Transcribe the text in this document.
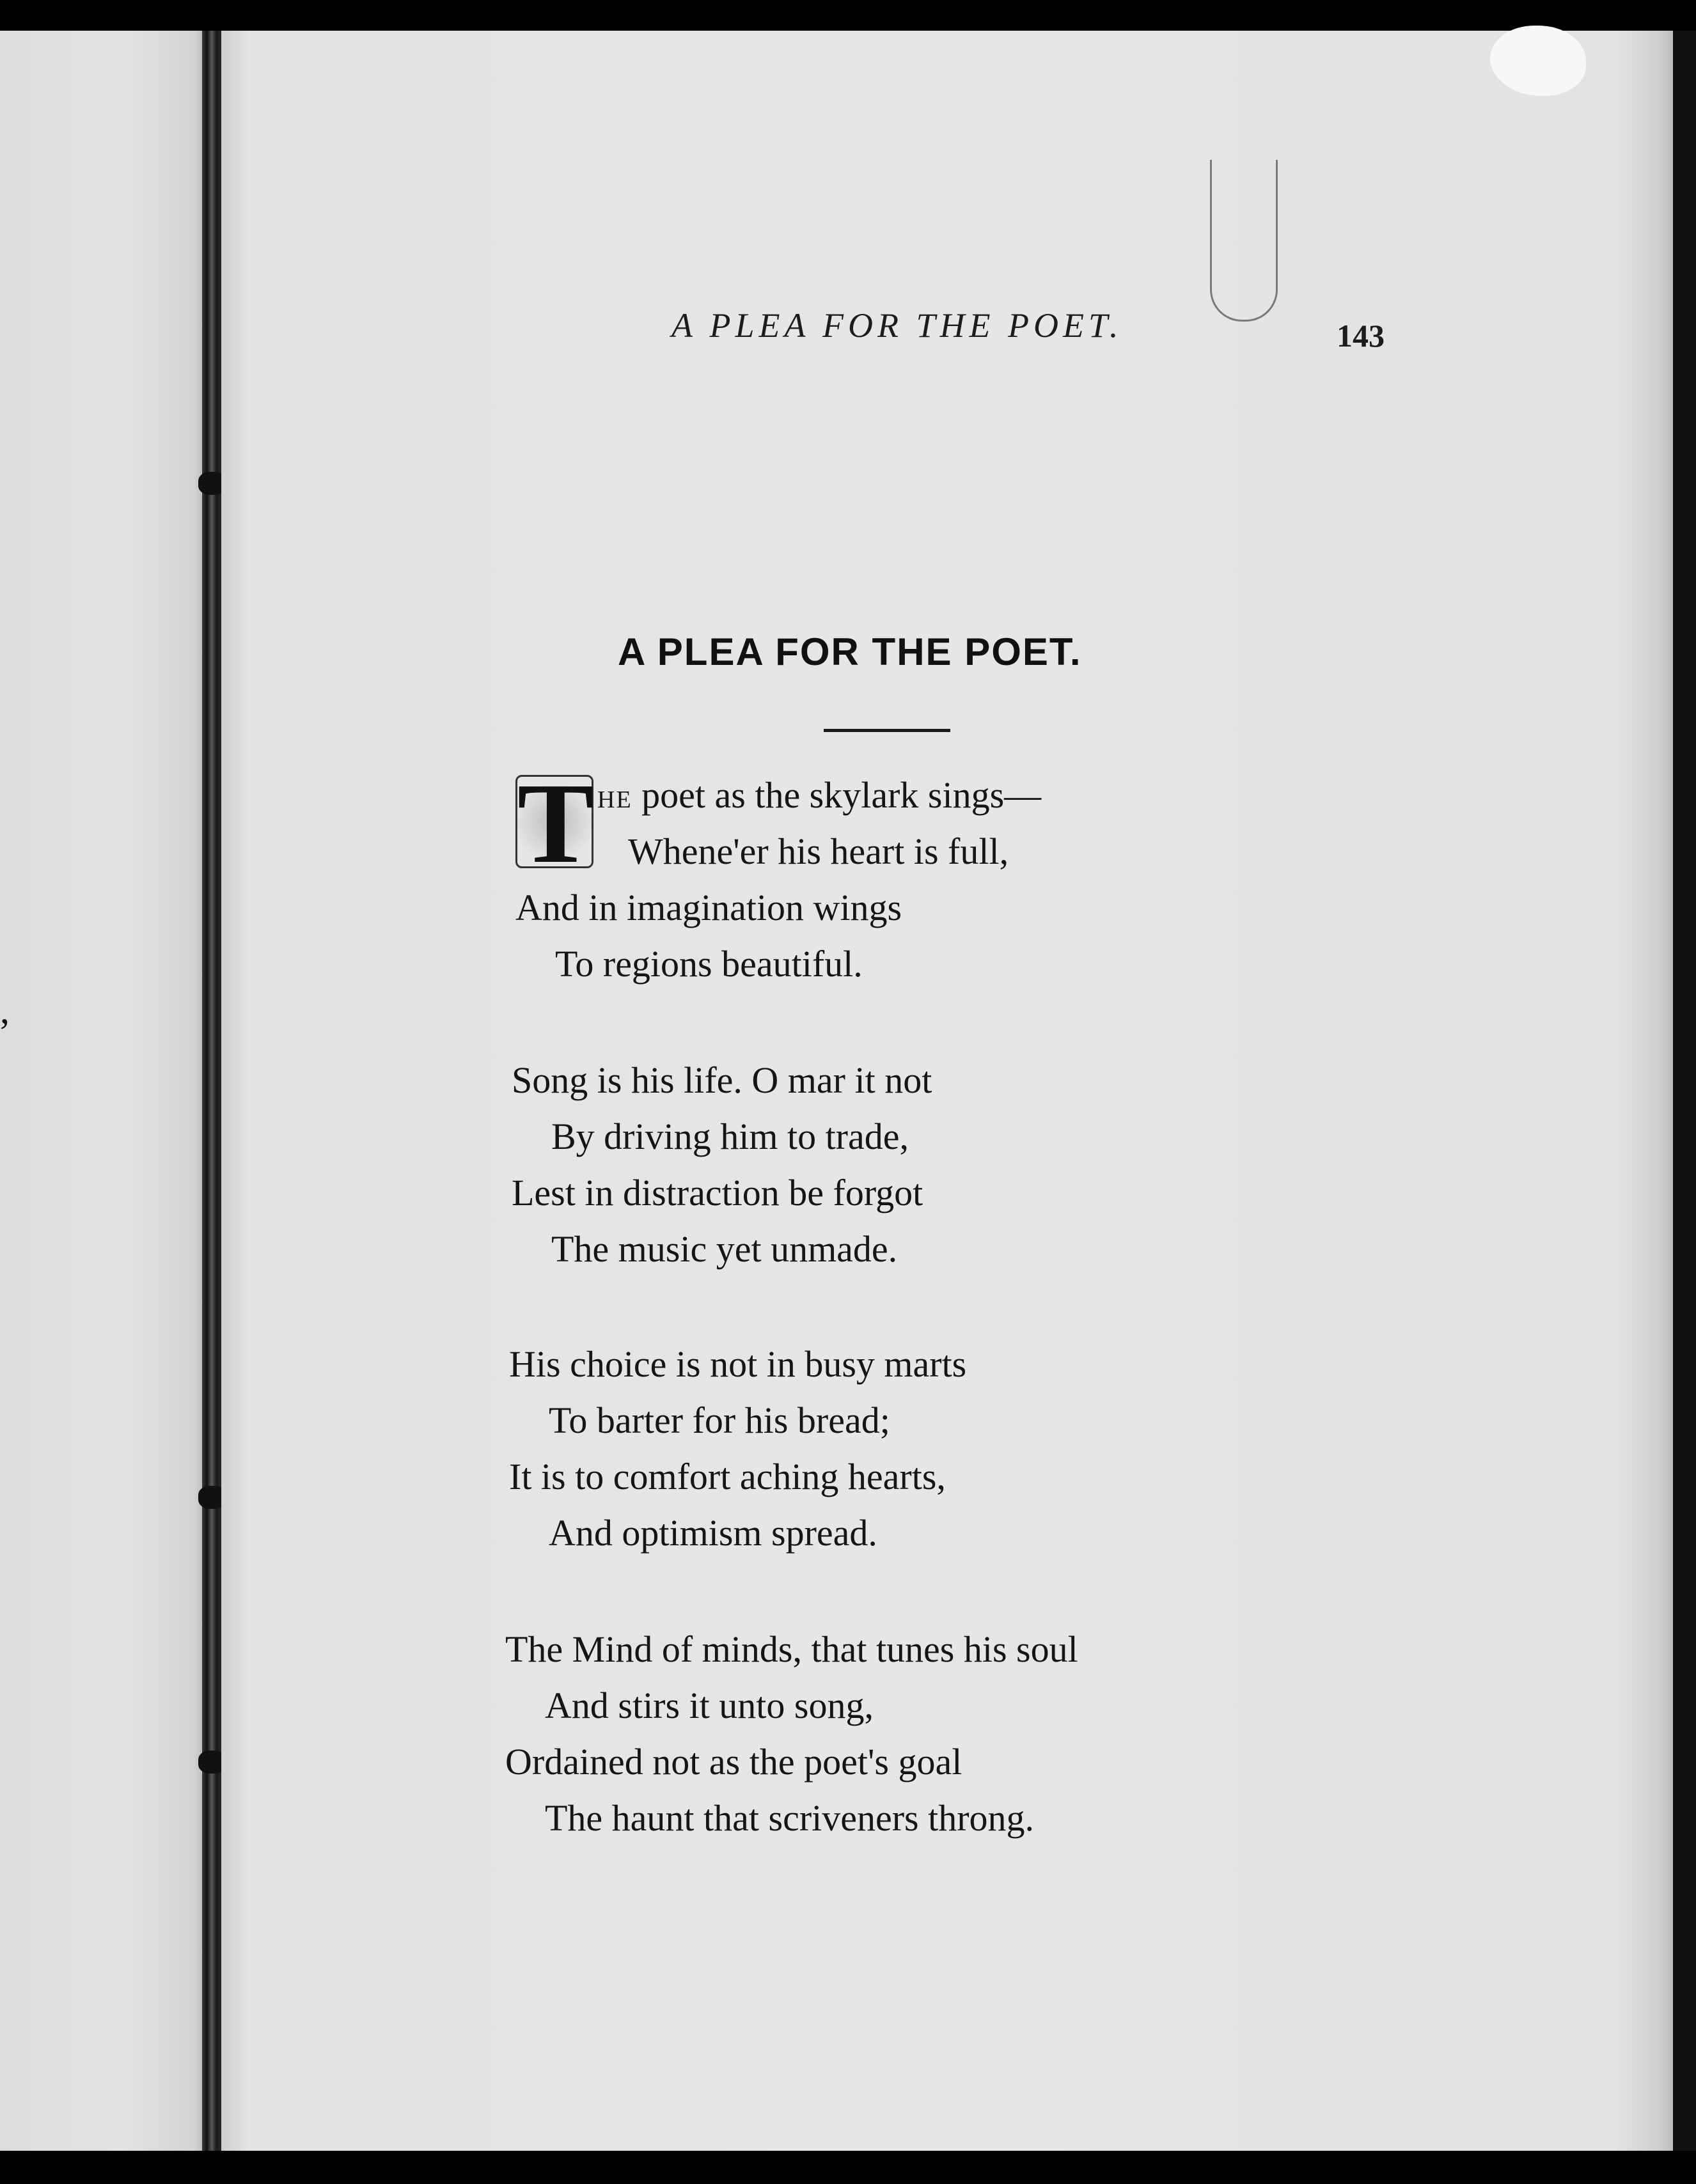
,
A PLEA FOR THE POET.	143
A PLEA FOR THE POET.
T he poet as the skylark sings—
Whene'er his heart is full,
And in imagination wings
To regions beautiful.
Song is his life. O mar it not
By driving him to trade,
Lest in distraction be forgot
The music yet unmade.
His choice is not in busy marts
To barter for his bread;
It is to comfort aching hearts,
And optimism spread.
The Mind of minds, that tunes his soul
And stirs it unto song,
Ordained not as the poet's goal
The haunt that scriveners throng.
